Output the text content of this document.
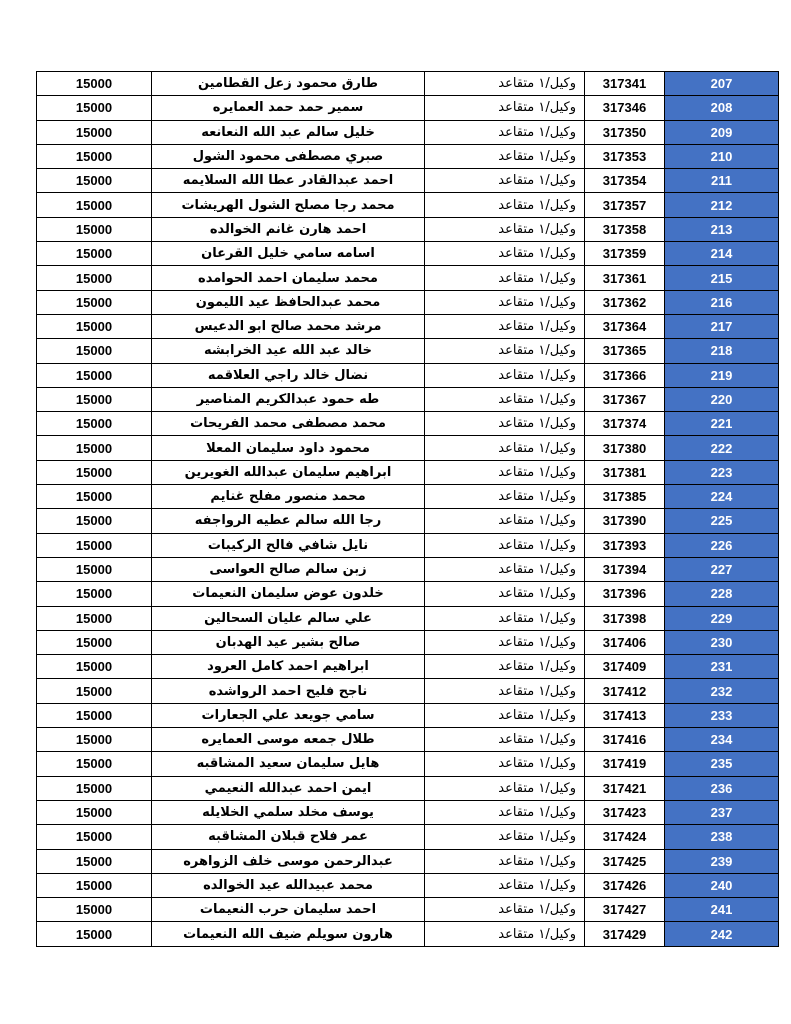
15000	طارق محمود زعل القطامين	وكيل/١ متقاعد	317341	207
15000	سمير حمد حمد العمايره	وكيل/١ متقاعد	317346	208
15000	خليل سالم عبد الله النعانعه	وكيل/١ متقاعد	317350	209
15000	صبري مصطفى محمود الشول	وكيل/١ متقاعد	317353	210
15000	احمد عبدالقادر عطا الله السلايمه	وكيل/١ متقاعد	317354	211
15000	محمد رجا مصلح الشول الهريشات	وكيل/١ متقاعد	317357	212
15000	احمد هارن غانم الخوالده	وكيل/١ متقاعد	317358	213
15000	اسامه سامي خليل القرعان	وكيل/١ متقاعد	317359	214
15000	محمد سليمان احمد الحوامده	وكيل/١ متقاعد	317361	215
15000	محمد عبدالحافظ عيد الليمون	وكيل/١ متقاعد	317362	216
15000	مرشد محمد صالح ابو الدعيس	وكيل/١ متقاعد	317364	217
15000	خالد عبد الله عيد الخرابشه	وكيل/١ متقاعد	317365	218
15000	نضال خالد راجي العلاقمه	وكيل/١ متقاعد	317366	219
15000	طه حمود عبدالكريم المناصير	وكيل/١ متقاعد	317367	220
15000	محمد مصطفى محمد الفريحات	وكيل/١ متقاعد	317374	221
15000	محمود داود سليمان المعلا	وكيل/١ متقاعد	317380	222
15000	ابراهيم سليمان عبدالله الغويرين	وكيل/١ متقاعد	317381	223
15000	محمد منصور مفلح غنايم	وكيل/١ متقاعد	317385	224
15000	رجا الله سالم عطيه الرواجفه	وكيل/١ متقاعد	317390	225
15000	نايل شافي فالح الركيبات	وكيل/١ متقاعد	317393	226
15000	زبن سالم صالح العواسى	وكيل/١ متقاعد	317394	227
15000	خلدون عوض سليمان النعيمات	وكيل/١ متقاعد	317396	228
15000	علي سالم عليان السحالين	وكيل/١ متقاعد	317398	229
15000	صالح بشير عيد الهدبان	وكيل/١ متقاعد	317406	230
15000	ابراهيم احمد كامل العرود	وكيل/١ متقاعد	317409	231
15000	ناجح فليح احمد الرواشده	وكيل/١ متقاعد	317412	232
15000	سامي جويعد علي الجعارات	وكيل/١ متقاعد	317413	233
15000	طلال جمعه موسى العمايره	وكيل/١ متقاعد	317416	234
15000	هايل سليمان سعيد المشاقبه	وكيل/١ متقاعد	317419	235
15000	ايمن احمد عبدالله النعيمي	وكيل/١ متقاعد	317421	236
15000	يوسف مخلد سلمي الخلايله	وكيل/١ متقاعد	317423	237
15000	عمر فلاح قبلان المشاقبه	وكيل/١ متقاعد	317424	238
15000	عبدالرحمن موسى خلف الزواهره	وكيل/١ متقاعد	317425	239
15000	محمد عبيدالله عيد الخوالده	وكيل/١ متقاعد	317426	240
15000	احمد سليمان حرب النعيمات	وكيل/١ متقاعد	317427	241
15000	هارون سويلم ضيف الله النعيمات	وكيل/١ متقاعد	317429	242
